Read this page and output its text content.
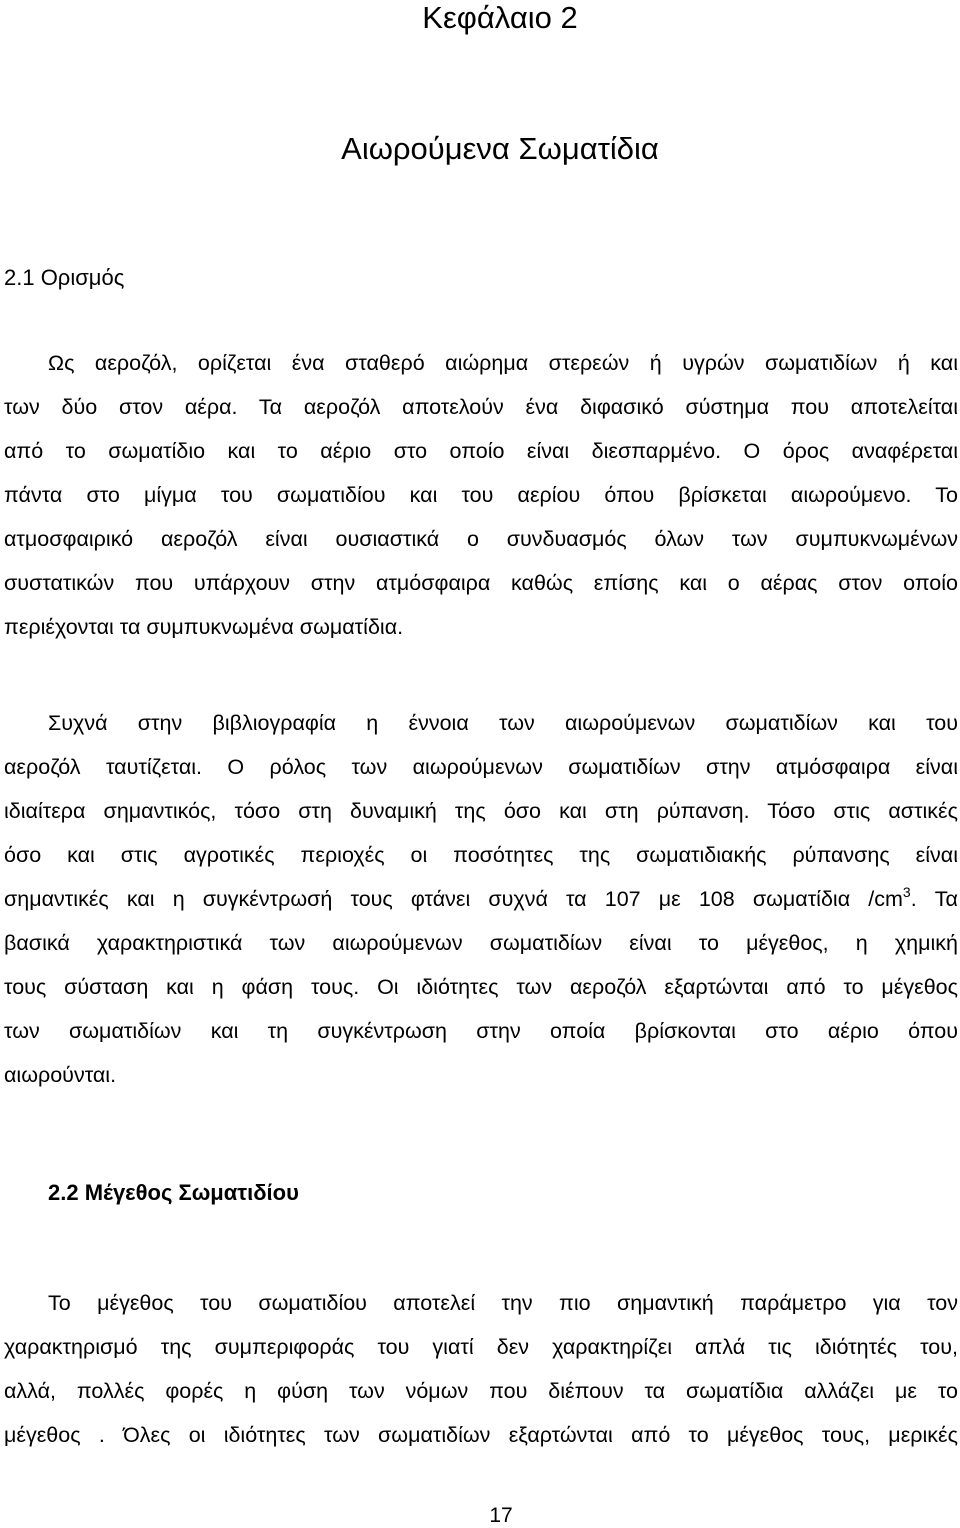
Κεφάλαιο 2
Αιωρούμενα Σωματίδια
2.1 Ορισμός
Ως αεροζόλ, ορίζεται ένα σταθερό αιώρημα στερεών ή υγρών σωματιδίων ή και
των δύο στον αέρα. Τα αεροζόλ αποτελούν ένα διφασικό σύστημα που αποτελείται
από το σωματίδιο και το αέριο στο οποίο είναι διεσπαρμένο. Ο όρος αναφέρεται
πάντα στο μίγμα του σωματιδίου και του αερίου όπου βρίσκεται αιωρούμενο. Το
ατμοσφαιρικό αεροζόλ είναι ουσιαστικά ο συνδυασμός όλων των συμπυκνωμένων
συστατικών που υπάρχουν στην ατμόσφαιρα καθώς επίσης και ο αέρας στον οποίο
περιέχονται τα συμπυκνωμένα σωματίδια.
Συχνά στην βιβλιογραφία η έννοια των αιωρούμενων σωματιδίων και του
αεροζόλ ταυτίζεται. Ο ρόλος των αιωρούμενων σωματιδίων στην ατμόσφαιρα είναι
ιδιαίτερα σημαντικός, τόσο στη δυναμική της όσο και στη ρύπανση. Τόσο στις αστικές
όσο και στις αγροτικές περιοχές οι ποσότητες της σωματιδιακής ρύπανσης είναι
σημαντικές και η συγκέντρωσή τους φτάνει συχνά τα 107 με 108 σωματίδια $/cm^3$. Τα
βασικά χαρακτηριστικά των αιωρούμενων σωματιδίων είναι το μέγεθος, η χημική
τους σύσταση και η φάση τους. Οι ιδιότητες των αεροζόλ εξαρτώνται από το μέγεθος
των σωματιδίων και τη συγκέντρωση στην οποία βρίσκονται στο αέριο όπου
αιωρούνται.
2.2 Μέγεθος Σωματιδίου
Το μέγεθος του σωματιδίου αποτελεί την πιο σημαντική παράμετρο για τον
χαρακτηρισμό της συμπεριφοράς του γιατί δεν χαρακτηρίζει απλά τις ιδιότητές του,
αλλά, πολλές φορές η φύση των νόμων που διέπουν τα σωματίδια αλλάζει με το
μέγεθος . Όλες οι ιδιότητες των σωματιδίων εξαρτώνται από το μέγεθος τους, μερικές
17
